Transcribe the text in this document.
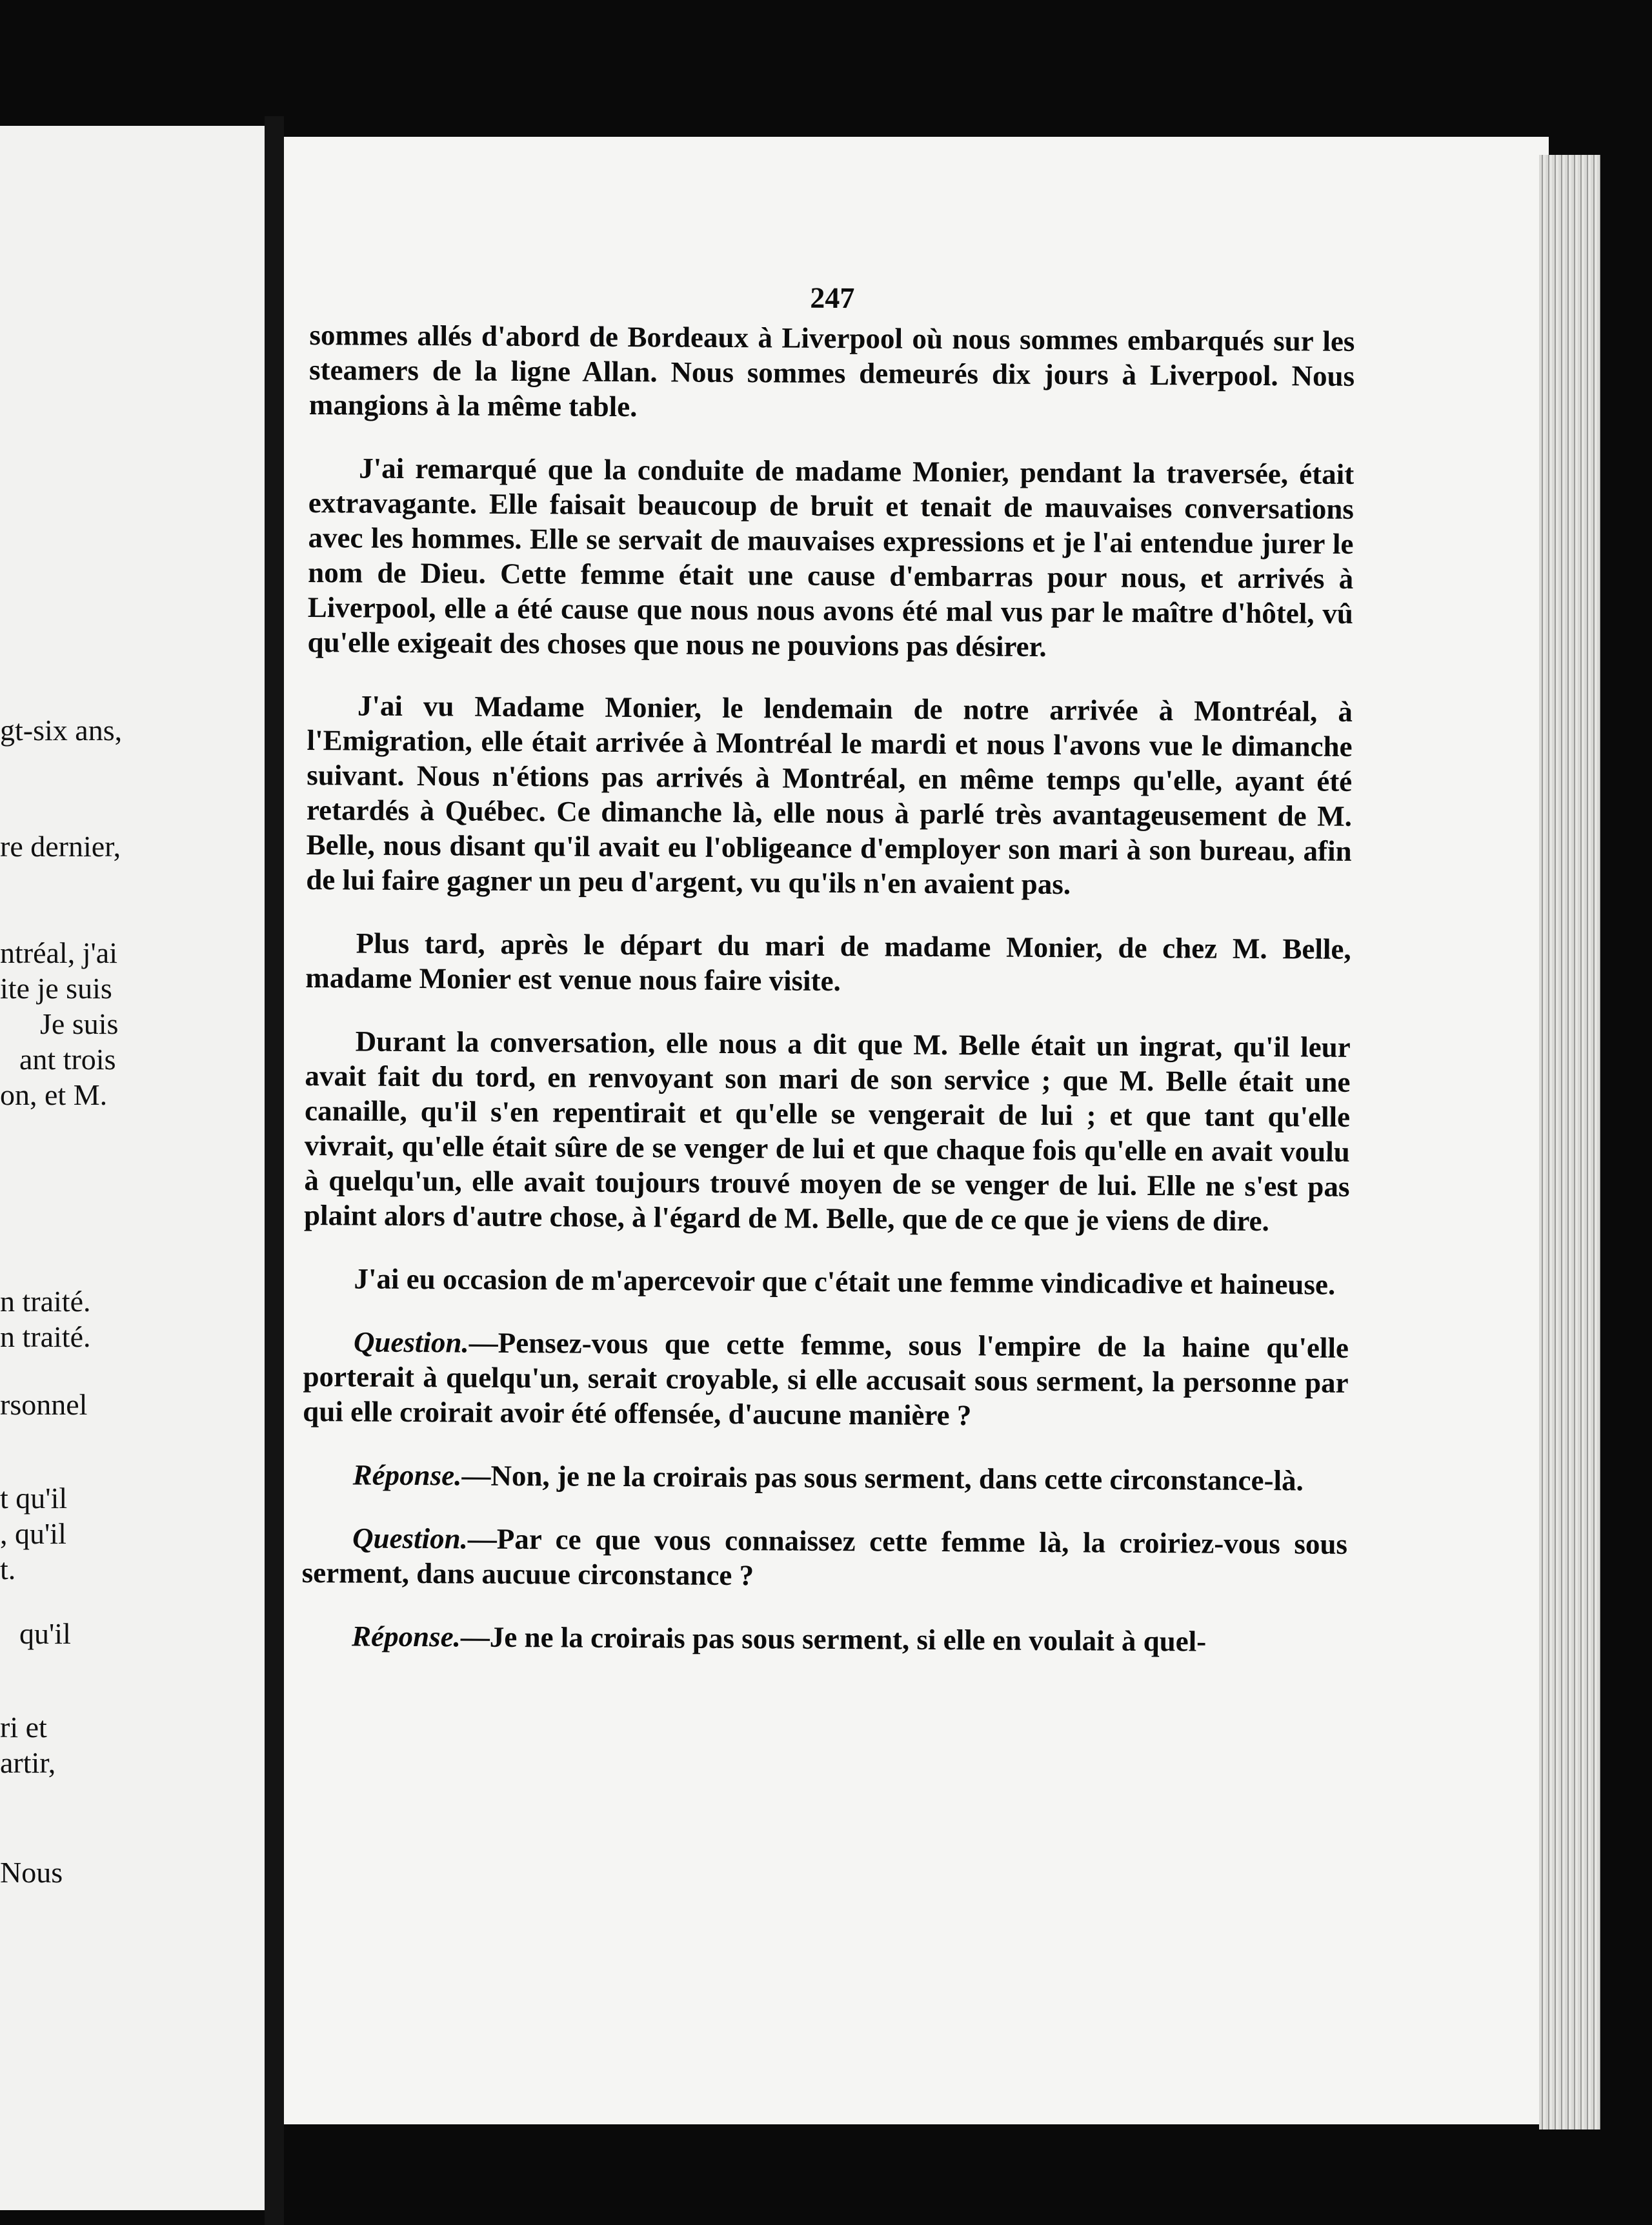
gt-six ans,
re dernier,
ntréal, j'ai
ite je suis
Je suis
ant trois
on, et M.
n traité.
n traité.
rsonnel
t qu'il
, qu'il
t.
qu'il
ri et
artir,
Nous
247

sommes allés d'abord de Bordeaux à Liverpool où nous sommes embarqués sur les steamers de la ligne Allan. Nous sommes demeurés dix jours à Liverpool. Nous mangions à la même table.

J'ai remarqué que la conduite de madame Monier, pendant la traversée, était extravagante. Elle faisait beaucoup de bruit et tenait de mauvaises conversations avec les hommes. Elle se servait de mauvaises expressions et je l'ai entendue jurer le nom de Dieu. Cette femme était une cause d'embarras pour nous, et arrivés à Liverpool, elle a été cause que nous nous avons été mal vus par le maître d'hôtel, vû qu'elle exigeait des choses que nous ne pouvions pas désirer.

J'ai vu Madame Monier, le lendemain de notre arrivée à Montréal, à l'Emigration, elle était arrivée à Montréal le mardi et nous l'avons vue le dimanche suivant. Nous n'étions pas arrivés à Montréal, en même temps qu'elle, ayant été retardés à Québec. Ce dimanche là, elle nous à parlé très avantageusement de M. Belle, nous disant qu'il avait eu l'obligeance d'employer son mari à son bureau, afin de lui faire gagner un peu d'argent, vu qu'ils n'en avaient pas.

Plus tard, après le départ du mari de madame Monier, de chez M. Belle, madame Monier est venue nous faire visite.

Durant la conversation, elle nous a dit que M. Belle était un ingrat, qu'il leur avait fait du tord, en renvoyant son mari de son service ; que M. Belle était une canaille, qu'il s'en repentirait et qu'elle se vengerait de lui ; et que tant qu'elle vivrait, qu'elle était sûre de se venger de lui et que chaque fois qu'elle en avait voulu à quelqu'un, elle avait toujours trouvé moyen de se venger de lui. Elle ne s'est pas plaint alors d'autre chose, à l'égard de M. Belle, que de ce que je viens de dire.

J'ai eu occasion de m'apercevoir que c'était une femme vindicadive et haineuse.

Question.—Pensez-vous que cette femme, sous l'empire de la haine qu'elle porterait à quelqu'un, serait croyable, si elle accusait sous serment, la personne par qui elle croirait avoir été offensée, d'aucune manière ?

Réponse.—Non, je ne la croirais pas sous serment, dans cette circonstance-là.

Question.—Par ce que vous connaissez cette femme là, la croiriez-vous sous serment, dans aucuue circonstance ?

Réponse.—Je ne la croirais pas sous serment, si elle en voulait à quel-
